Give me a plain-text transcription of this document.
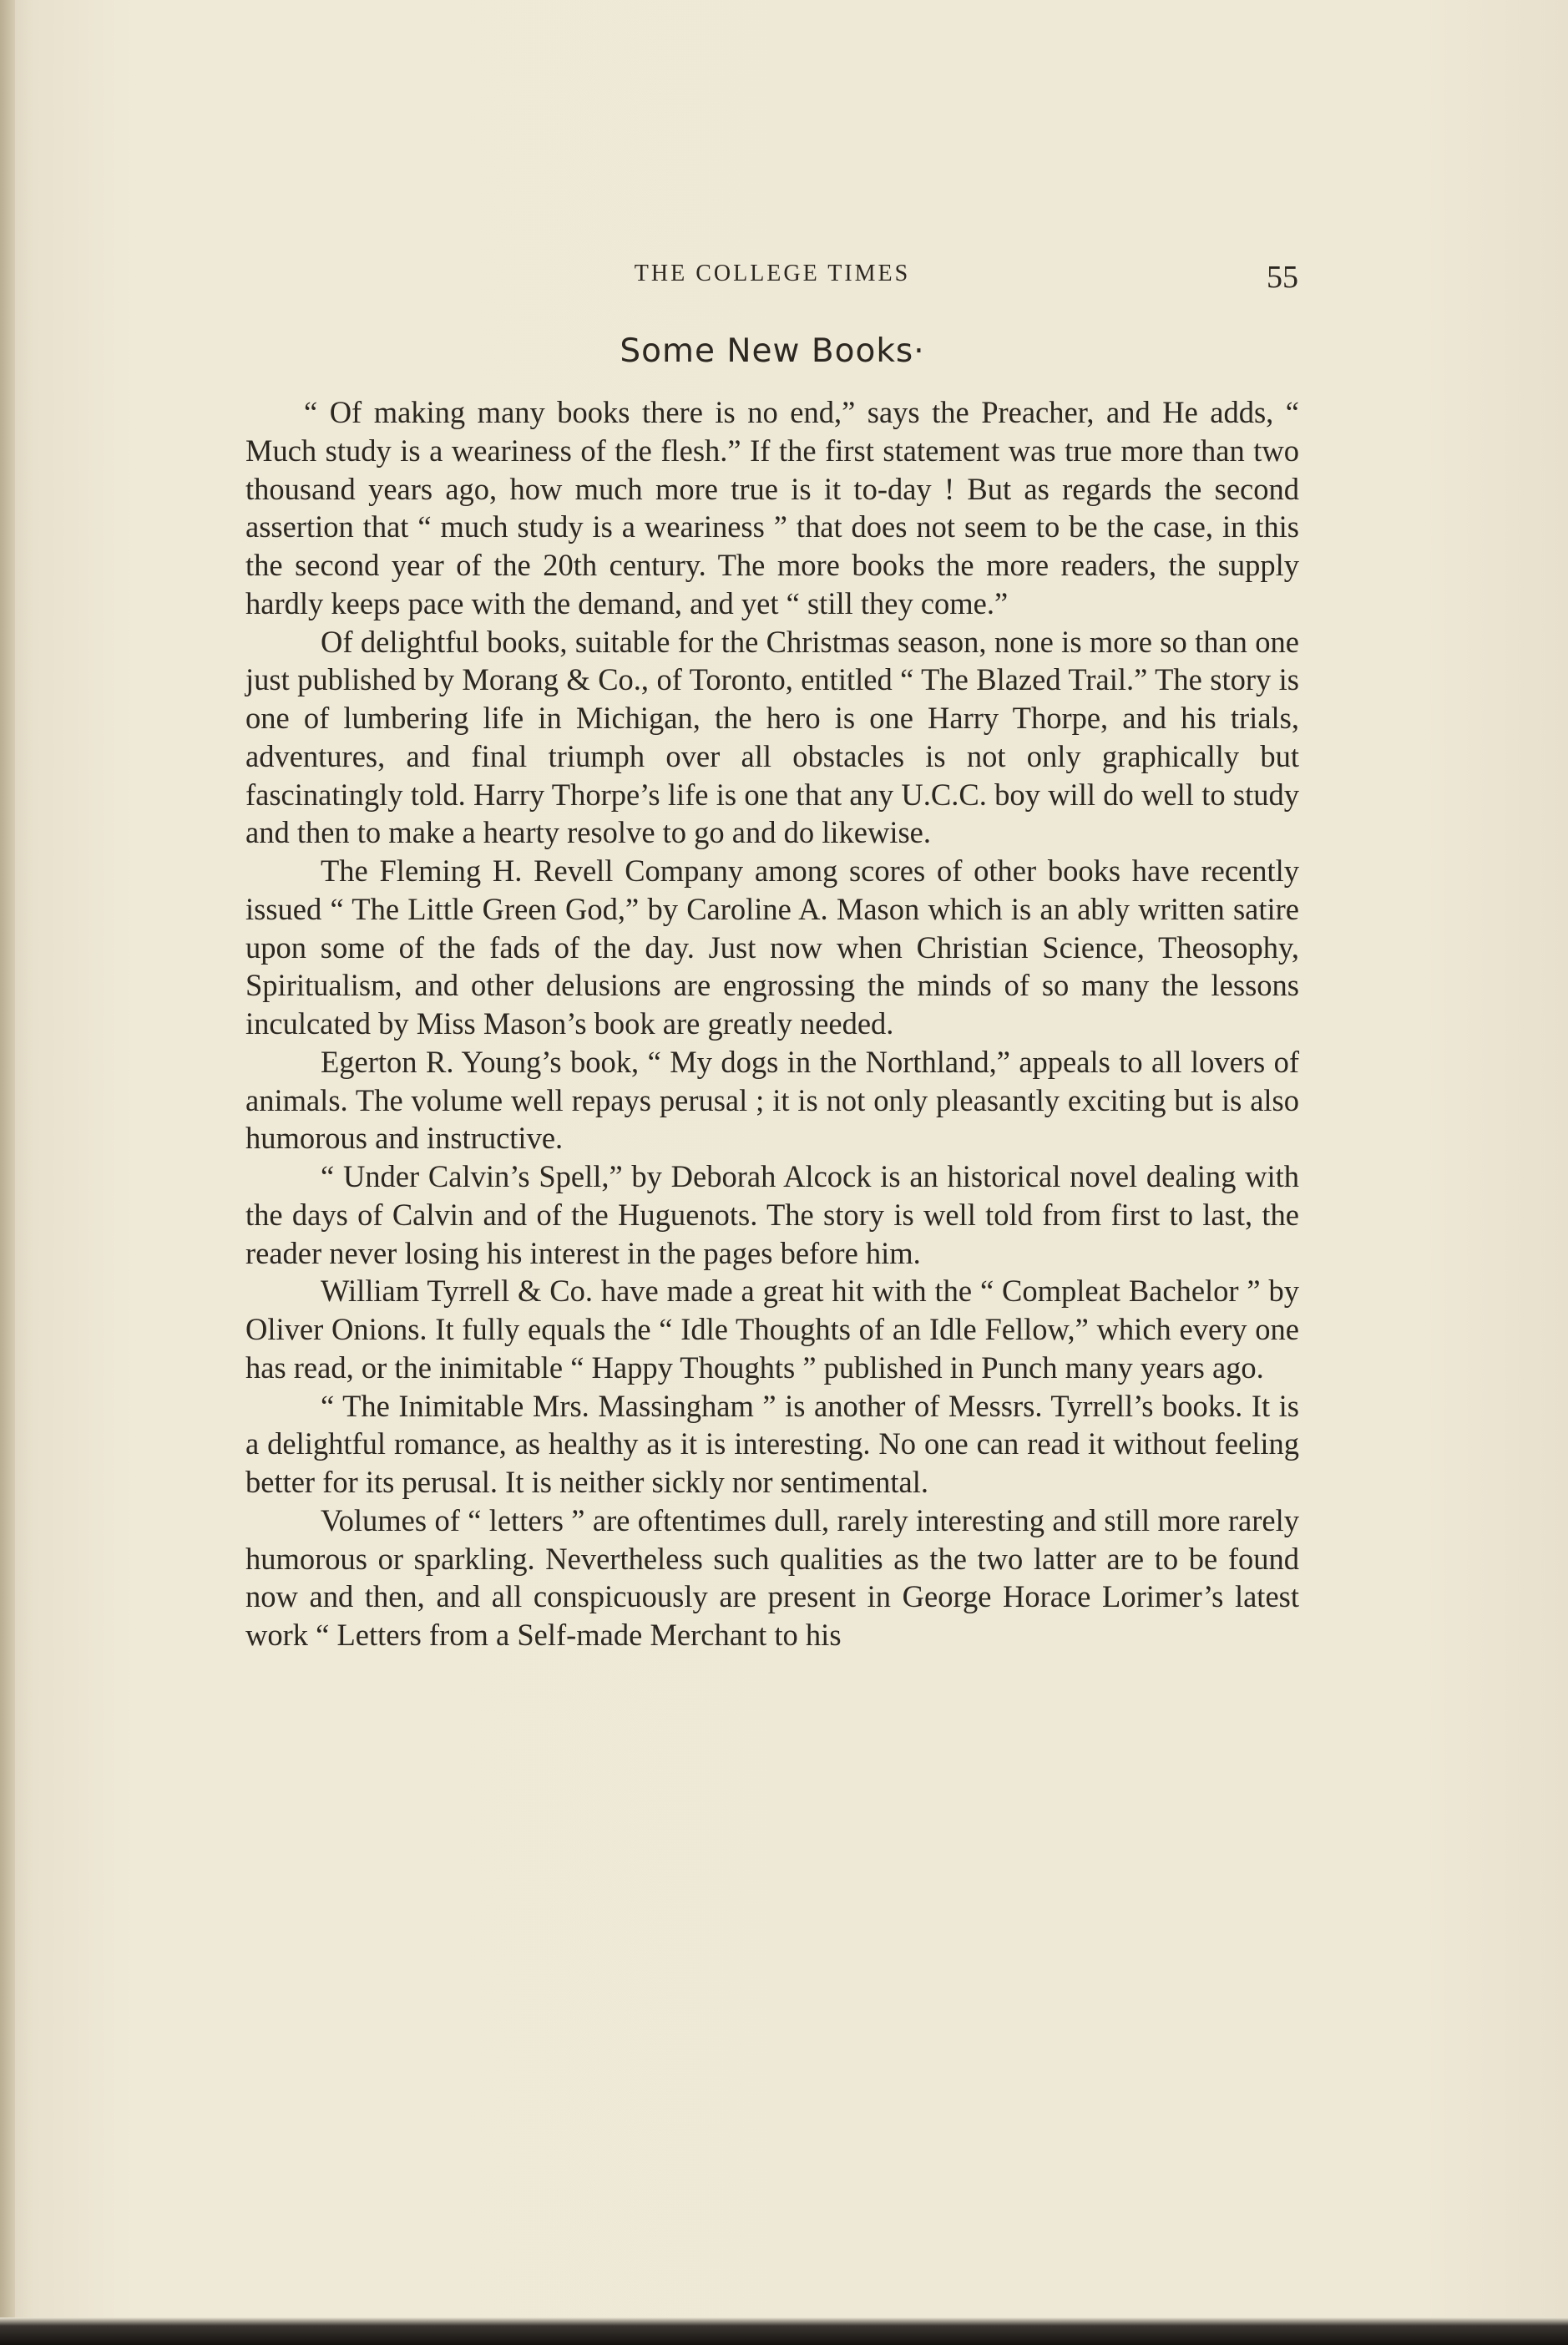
THE COLLEGE TIMES	55
Some New Books·

“ Of making many books there is no end,” says the Preacher, and He adds, “ Much study is a weariness of the flesh.” If the first statement was true more than two thousand years ago, how much more true is it to-day ! But as regards the second assertion that “ much study is a weariness ” that does not seem to be the case, in this the second year of the 20th century. The more books the more readers, the supply hardly keeps pace with the demand, and yet “ still they come.”

Of delightful books, suitable for the Christmas season, none is more so than one just published by Morang & Co., of Toronto, entitled “ The Blazed Trail.” The story is one of lumbering life in Michigan, the hero is one Harry Thorpe, and his trials, adventures, and final triumph over all obstacles is not only graphically but fascinatingly told. Harry Thorpe’s life is one that any U.C.C. boy will do well to study and then to make a hearty resolve to go and do likewise.

The Fleming H. Revell Company among scores of other books have recently issued “ The Little Green God,” by Caroline A. Mason which is an ably written satire upon some of the fads of the day. Just now when Christian Science, Theosophy, Spiritualism, and other delusions are engrossing the minds of so many the lessons inculcated by Miss Mason’s book are greatly needed.

Egerton R. Young’s book, “ My dogs in the Northland,” appeals to all lovers of animals. The volume well repays perusal ; it is not only pleasantly exciting but is also humorous and instructive.

“ Under Calvin’s Spell,” by Deborah Alcock is an historical novel dealing with the days of Calvin and of the Huguenots. The story is well told from first to last, the reader never losing his interest in the pages before him.

William Tyrrell & Co. have made a great hit with the “ Compleat Bachelor ” by Oliver Onions. It fully equals the “ Idle Thoughts of an Idle Fellow,” which every one has read, or the inimitable “ Happy Thoughts ” published in Punch many years ago.

“ The Inimitable Mrs. Massingham ” is another of Messrs. Tyrrell’s books. It is a delightful romance, as healthy as it is interesting. No one can read it without feeling better for its perusal. It is neither sickly nor sentimental.

Volumes of “ letters ” are oftentimes dull, rarely interesting and still more rarely humorous or sparkling. Nevertheless such qualities as the two latter are to be found now and then, and all conspicuously are present in George Horace Lorimer’s latest work “ Letters from a Self-made Merchant to his
